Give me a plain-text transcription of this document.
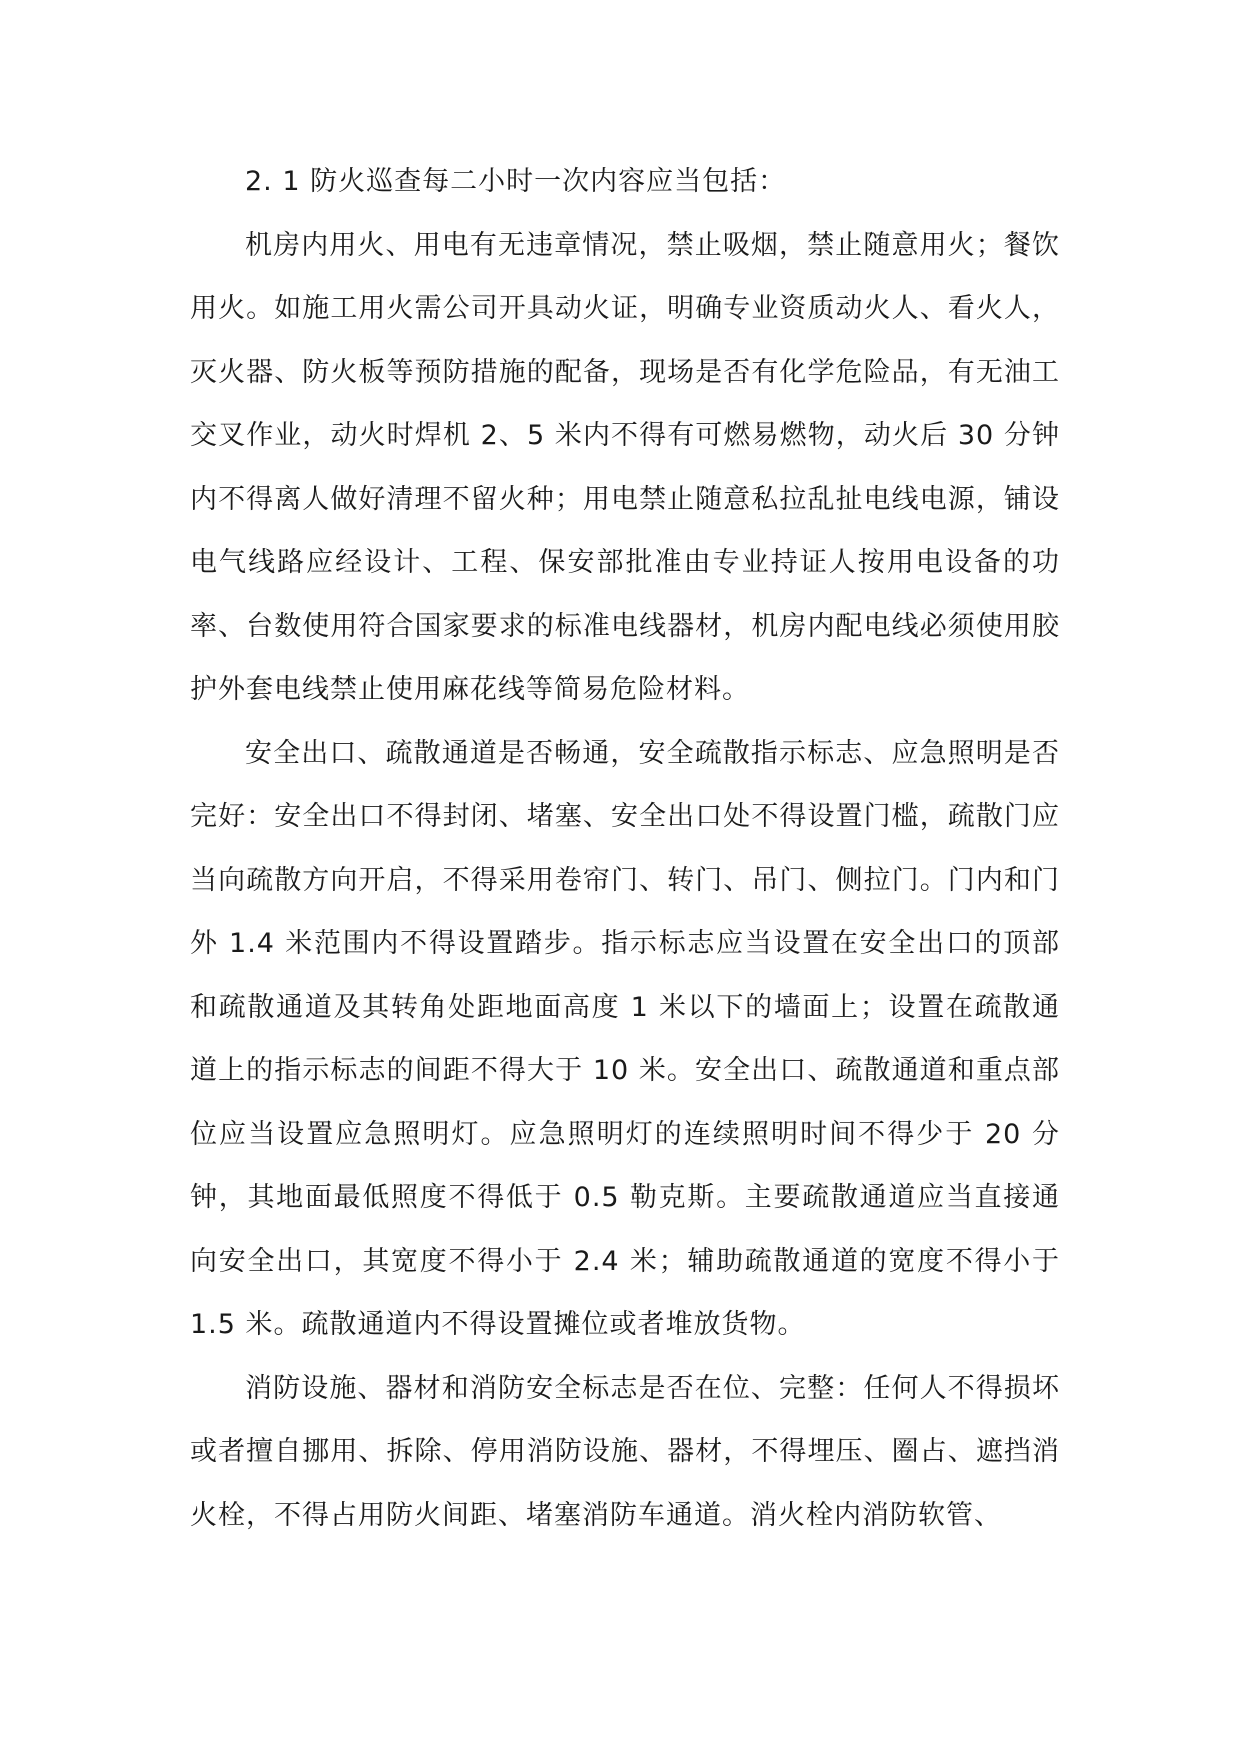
2. 1 防火巡查每二小时一次内容应当包括：

机房内用火、用电有无违章情况，禁止吸烟，禁止随意用火；餐饮用火。如施工用火需公司开具动火证，明确专业资质动火人、看火人，灭火器、防火板等预防措施的配备，现场是否有化学危险品，有无油工交叉作业，动火时焊机 2、5 米内不得有可燃易燃物，动火后 30 分钟内不得离人做好清理不留火种；用电禁止随意私拉乱扯电线电源，铺设电气线路应经设计、工程、保安部批准由专业持证人按用电设备的功率、台数使用符合国家要求的标准电线器材，机房内配电线必须使用胶护外套电线禁止使用麻花线等简易危险材料。

安全出口、疏散通道是否畅通，安全疏散指示标志、应急照明是否完好：安全出口不得封闭、堵塞、安全出口处不得设置门槛，疏散门应当向疏散方向开启，不得采用卷帘门、转门、吊门、侧拉门。门内和门外 1.4 米范围内不得设置踏步。指示标志应当设置在安全出口的顶部和疏散通道及其转角处距地面高度 1 米以下的墙面上；设置在疏散通道上的指示标志的间距不得大于 10 米。安全出口、疏散通道和重点部位应当设置应急照明灯。应急照明灯的连续照明时间不得少于 20 分钟，其地面最低照度不得低于 0.5 勒克斯。主要疏散通道应当直接通向安全出口，其宽度不得小于 2.4 米；辅助疏散通道的宽度不得小于 1.5 米。疏散通道内不得设置摊位或者堆放货物。

消防设施、器材和消防安全标志是否在位、完整：任何人不得损坏或者擅自挪用、拆除、停用消防设施、器材，不得埋压、圈占、遮挡消火栓，不得占用防火间距、堵塞消防车通道。消火栓内消防软管、
